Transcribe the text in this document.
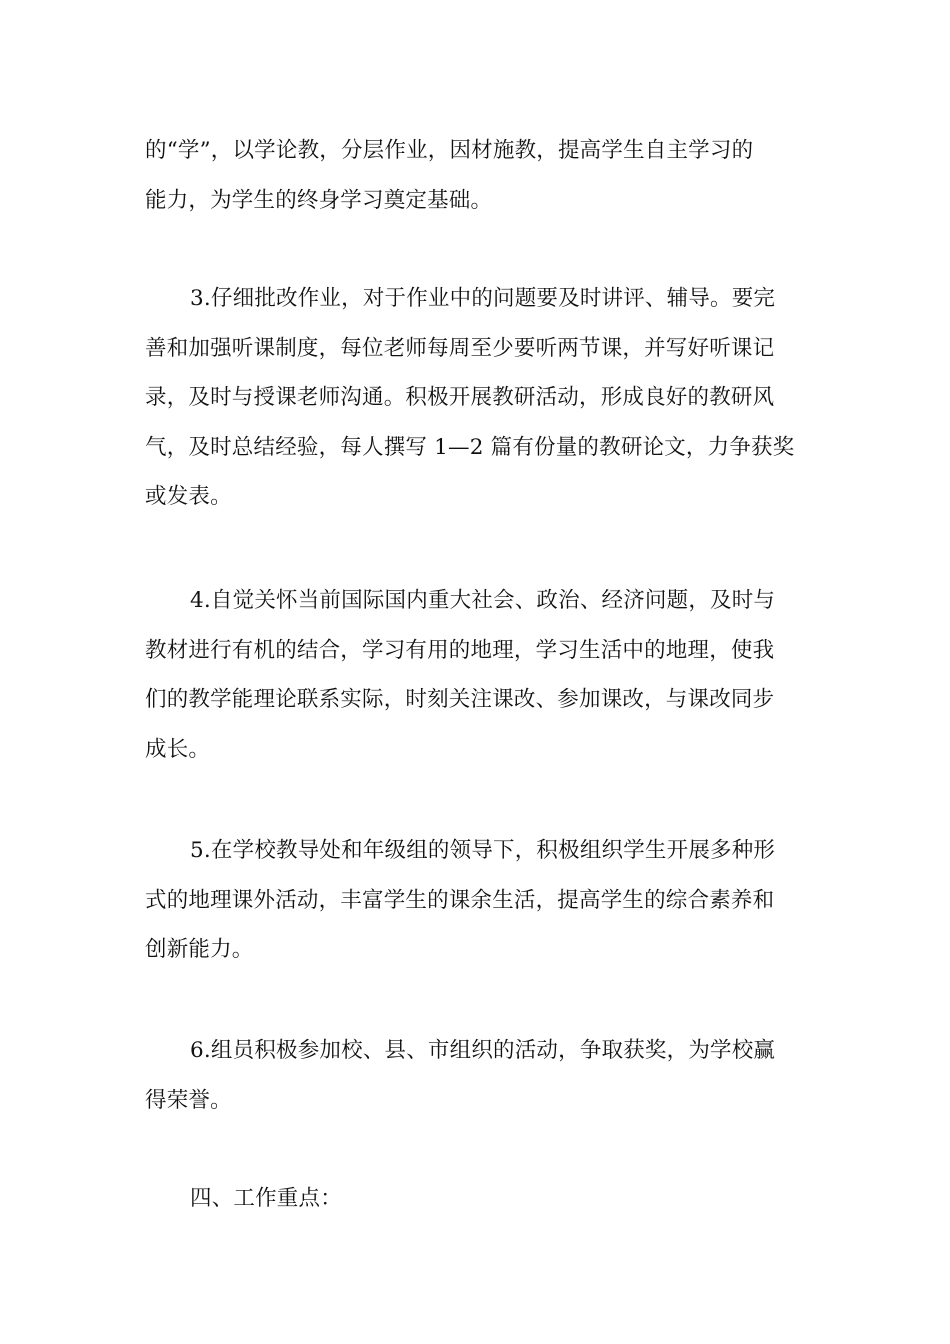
的“学”，以学论教，分层作业，因材施教，提高学生自主学习的
能力，为学生的终身学习奠定基础。

3.仔细批改作业，对于作业中的问题要及时讲评、辅导。要完
善和加强听课制度，每位老师每周至少要听两节课，并写好听课记
录，及时与授课老师沟通。积极开展教研活动，形成良好的教研风
气，及时总结经验，每人撰写 1—2 篇有份量的教研论文，力争获奖
或发表。

4.自觉关怀当前国际国内重大社会、政治、经济问题，及时与
教材进行有机的结合，学习有用的地理，学习生活中的地理，使我
们的教学能理论联系实际，时刻关注课改、参加课改，与课改同步
成长。

5.在学校教导处和年级组的领导下，积极组织学生开展多种形
式的地理课外活动，丰富学生的课余生活，提高学生的综合素养和
创新能力。

6.组员积极参加校、县、市组织的活动，争取获奖，为学校赢
得荣誉。

四、工作重点：
